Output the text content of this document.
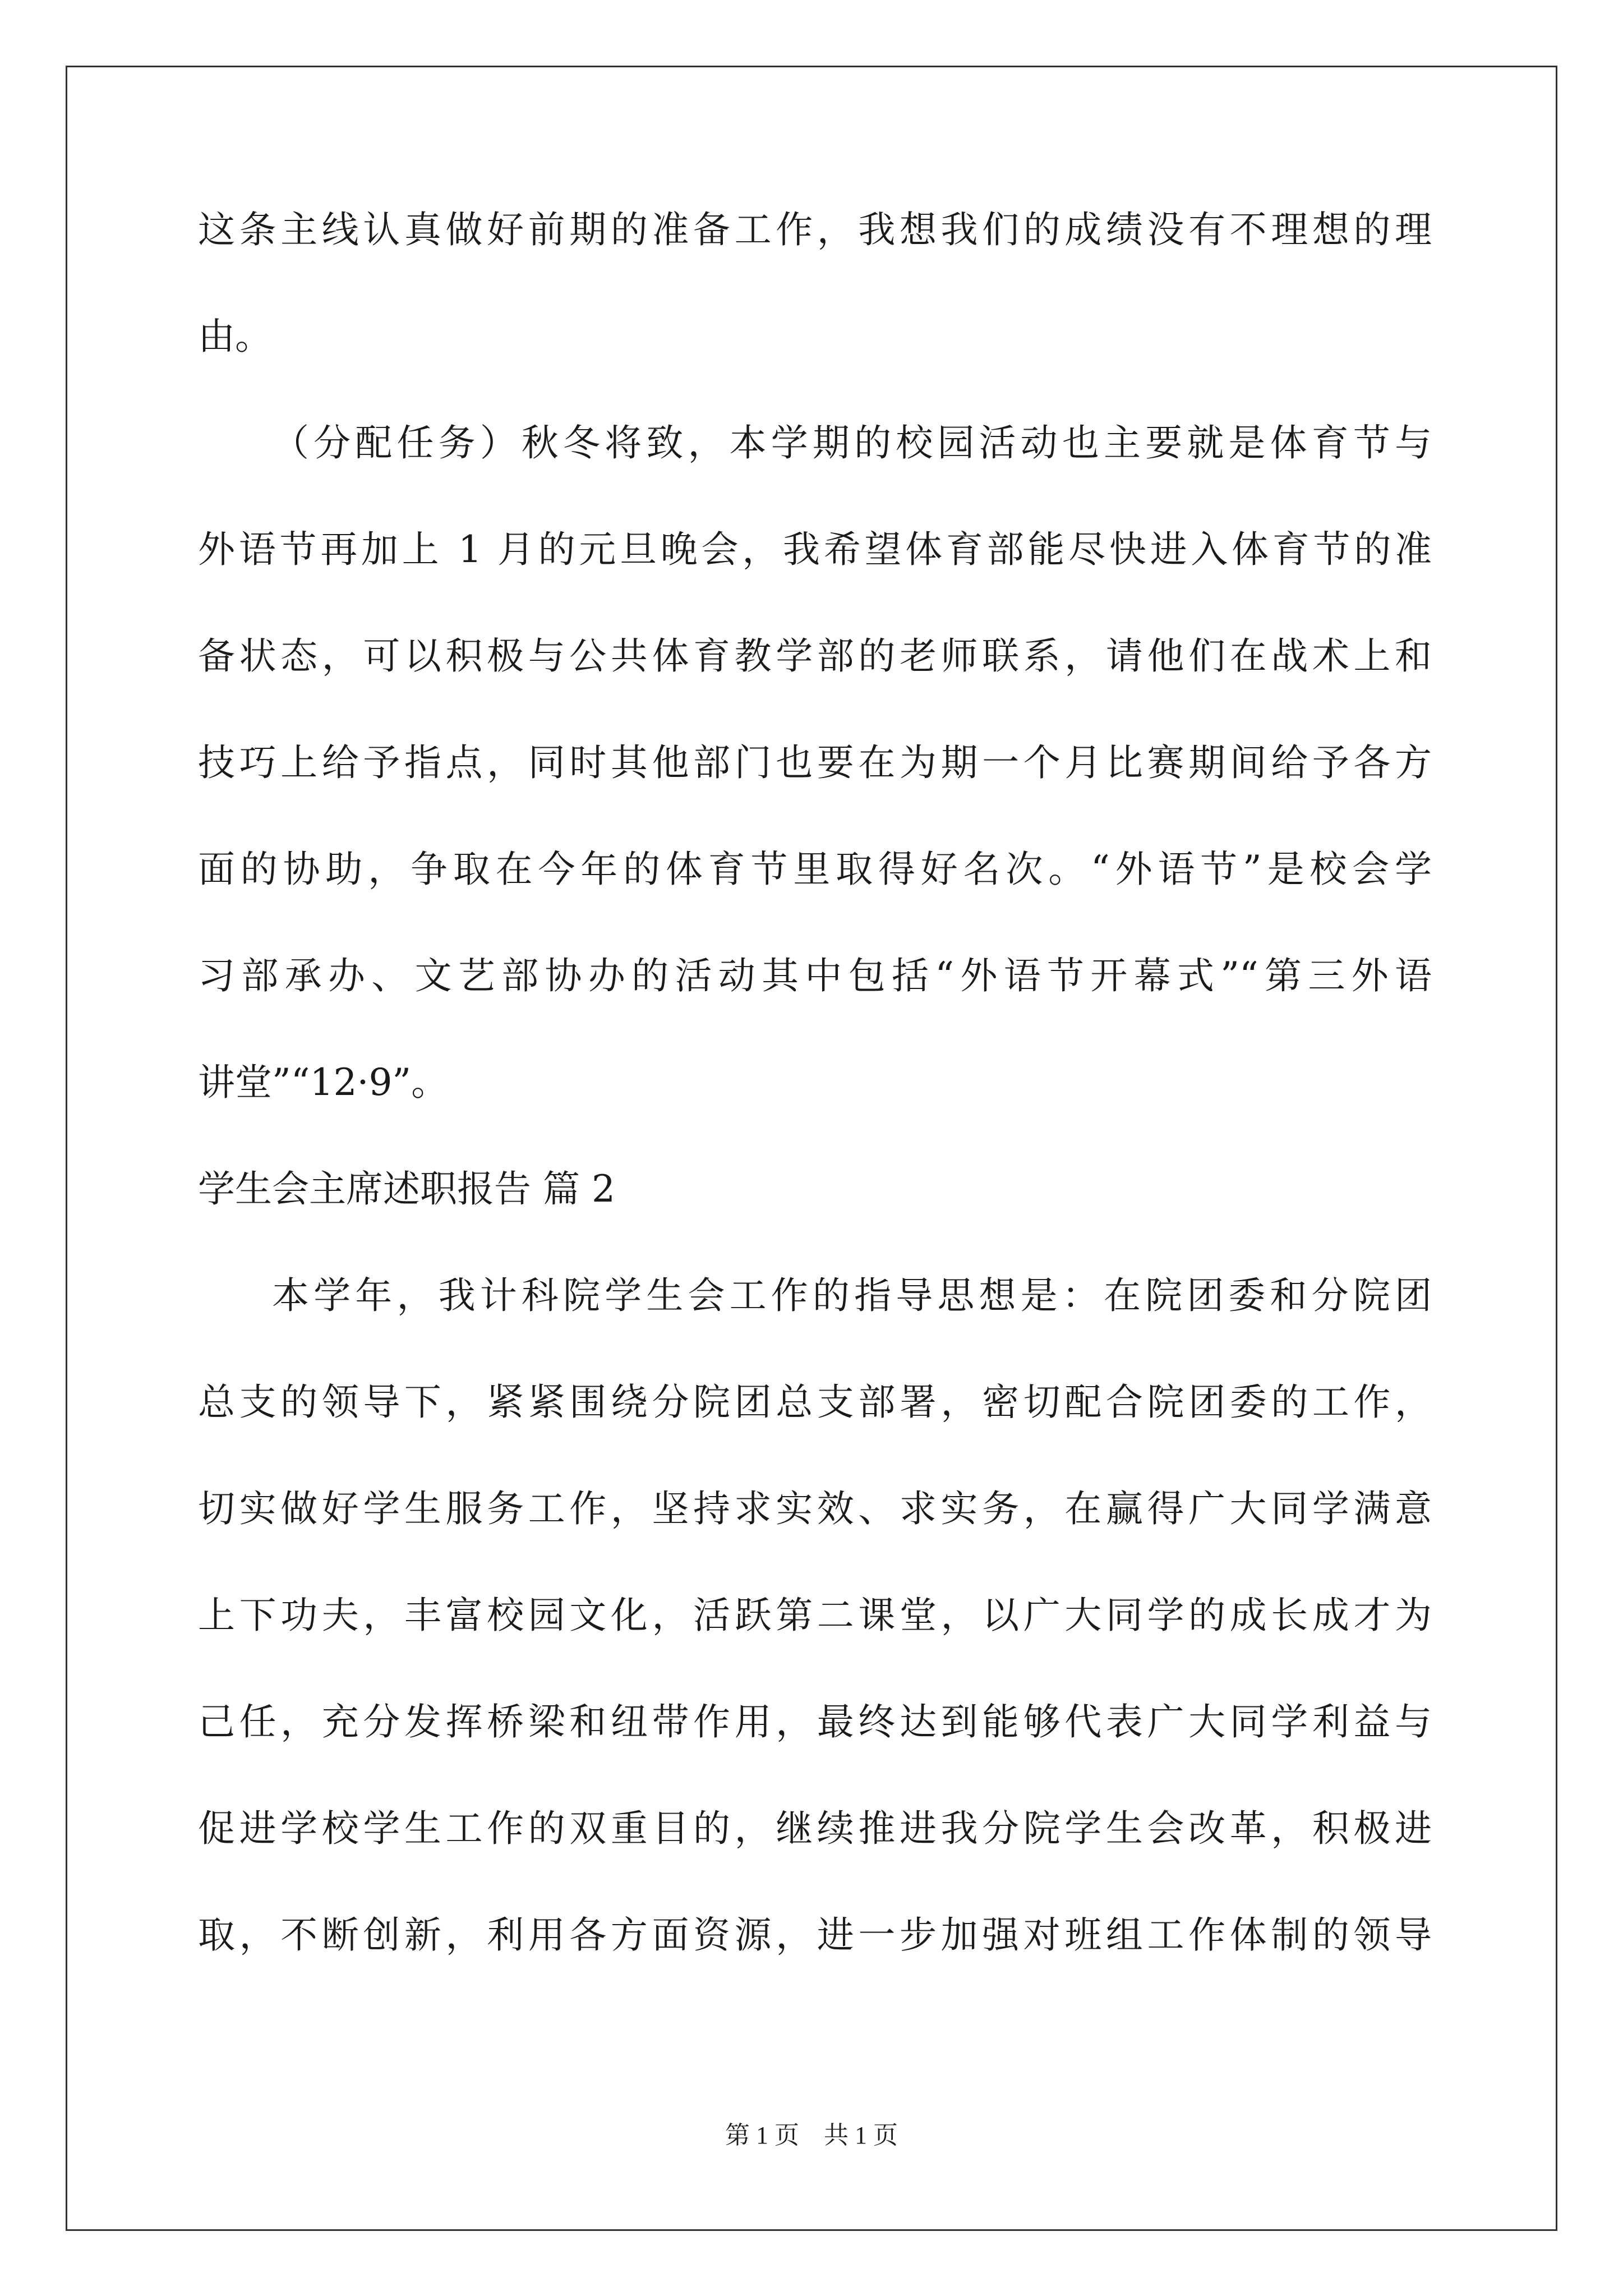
这条主线认真做好前期的准备工作，我想我们的成绩没有不理想的理
由。
（分配任务）秋冬将致，本学期的校园活动也主要就是体育节与
外语节再加上 1 月的元旦晚会，我希望体育部能尽快进入体育节的准
备状态，可以积极与公共体育教学部的老师联系，请他们在战术上和
技巧上给予指点，同时其他部门也要在为期一个月比赛期间给予各方
面的协助，争取在今年的体育节里取得好名次。“外语节”是校会学
习部承办、文艺部协办的活动其中包括“外语节开幕式”“第三外语
讲堂”“12·9”。
学生会主席述职报告 篇 2
本学年，我计科院学生会工作的指导思想是：在院团委和分院团
总支的领导下，紧紧围绕分院团总支部署，密切配合院团委的工作，
切实做好学生服务工作，坚持求实效、求实务，在赢得广大同学满意
上下功夫，丰富校园文化，活跃第二课堂，以广大同学的成长成才为
己任，充分发挥桥梁和纽带作用，最终达到能够代表广大同学利益与
促进学校学生工作的双重目的，继续推进我分院学生会改革，积极进
取，不断创新，利用各方面资源，进一步加强对班组工作体制的领导
第 1 页　共 1 页
